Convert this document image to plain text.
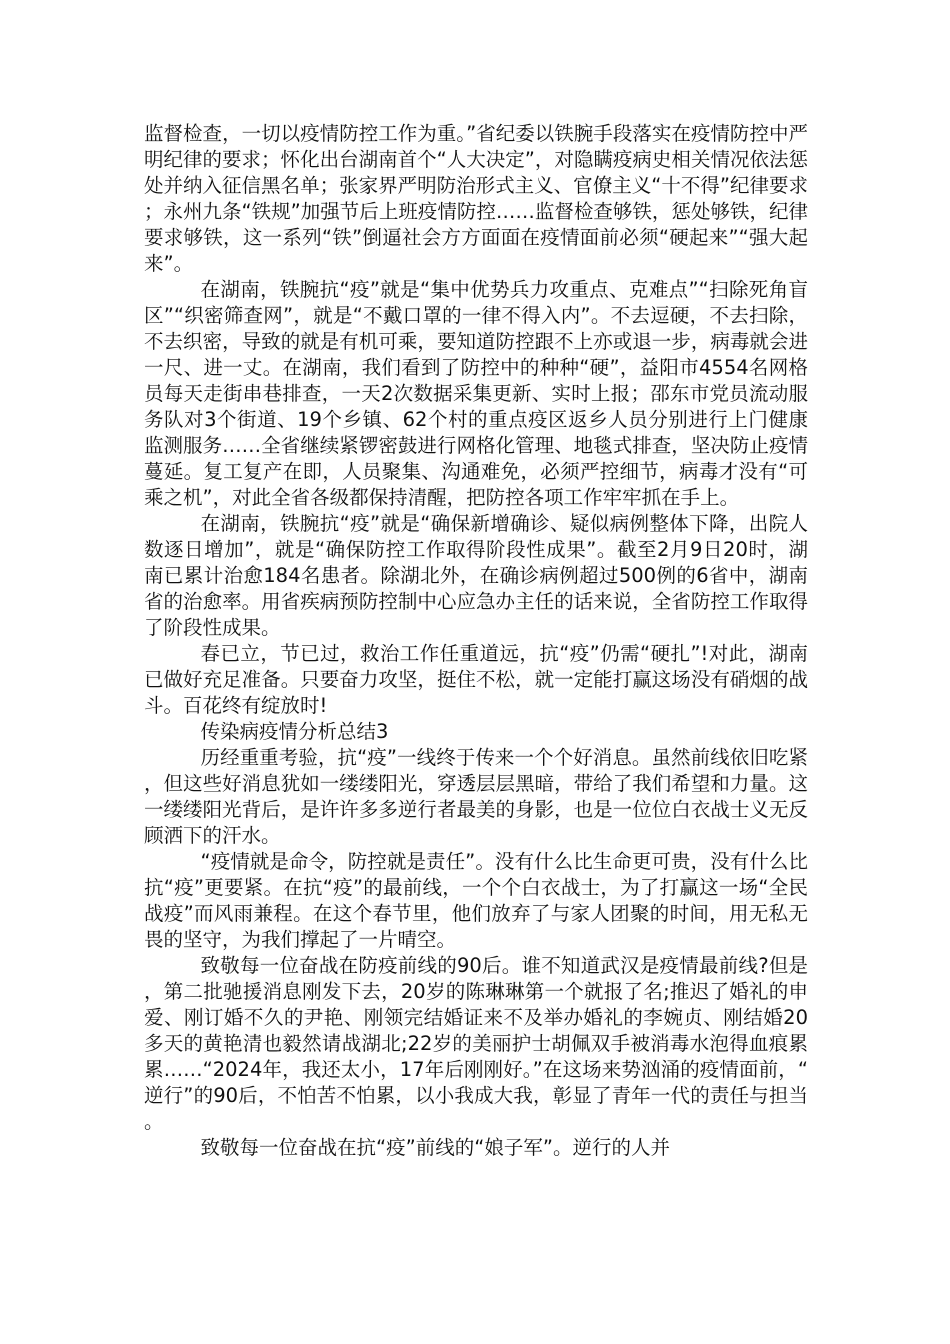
监督检查，一切以疫情防控工作为重。”省纪委以铁腕手段落实在疫情防控中严明纪律的要求；怀化出台湖南首个“人大决定”，对隐瞒疫病史相关情况依法惩处并纳入征信黑名单；张家界严明防治形式主义、官僚主义“十不得”纪律要求；永州九条“铁规”加强节后上班疫情防控……监督检查够铁，惩处够铁，纪律要求够铁，这一系列“铁”倒逼社会方方面面在疫情面前必须“硬起来”“强大起来”。

在湖南，铁腕抗“疫”就是“集中优势兵力攻重点、克难点”“扫除死角盲区”“织密筛查网”，就是“不戴口罩的一律不得入内”。不去逗硬，不去扫除，不去织密，导致的就是有机可乘，要知道防控跟不上亦或退一步，病毒就会进一尺、进一丈。在湖南，我们看到了防控中的种种“硬”，益阳市4554名网格员每天走街串巷排查，一天2次数据采集更新、实时上报；邵东市党员流动服务队对3个街道、19个乡镇、62个村的重点疫区返乡人员分别进行上门健康监测服务……全省继续紧锣密鼓进行网格化管理、地毯式排查，坚决防止疫情蔓延。复工复产在即，人员聚集、沟通难免，必须严控细节，病毒才没有“可乘之机”，对此全省各级都保持清醒，把防控各项工作牢牢抓在手上。

在湖南，铁腕抗“疫”就是“确保新增确诊、疑似病例整体下降，出院人数逐日增加”，就是“确保防控工作取得阶段性成果”。截至2月9日20时，湖南已累计治愈184名患者。除湖北外，在确诊病例超过500例的6省中，湖南省的治愈率。用省疾病预防控制中心应急办主任的话来说，全省防控工作取得了阶段性成果。

春已立，节已过，救治工作任重道远，抗“疫”仍需“硬扎”!对此，湖南已做好充足准备。只要奋力攻坚，挺住不松，就一定能打赢这场没有硝烟的战斗。百花终有绽放时!

传染病疫情分析总结3

历经重重考验，抗“疫”一线终于传来一个个好消息。虽然前线依旧吃紧，但这些好消息犹如一缕缕阳光，穿透层层黑暗，带给了我们希望和力量。这一缕缕阳光背后，是许许多多逆行者最美的身影，也是一位位白衣战士义无反顾洒下的汗水。

“疫情就是命令，防控就是责任”。没有什么比生命更可贵，没有什么比抗“疫”更要紧。在抗“疫”的最前线，一个个白衣战士，为了打赢这一场“全民战疫”而风雨兼程。在这个春节里，他们放弃了与家人团聚的时间，用无私无畏的坚守，为我们撑起了一片晴空。

致敬每一位奋战在防疫前线的90后。谁不知道武汉是疫情最前线?但是，第二批驰援消息刚发下去，20岁的陈琳琳第一个就报了名;推迟了婚礼的申爱、刚订婚不久的尹艳、刚领完结婚证来不及举办婚礼的李婉贞、刚结婚20多天的黄艳清也毅然请战湖北;22岁的美丽护士胡佩双手被消毒水泡得血痕累累……“2024年，我还太小，17年后刚刚好。”在这场来势汹涌的疫情面前，“逆行”的90后，不怕苦不怕累，以小我成大我，彰显了青年一代的责任与担当。

致敬每一位奋战在抗“疫”前线的“娘子军”。逆行的人并
